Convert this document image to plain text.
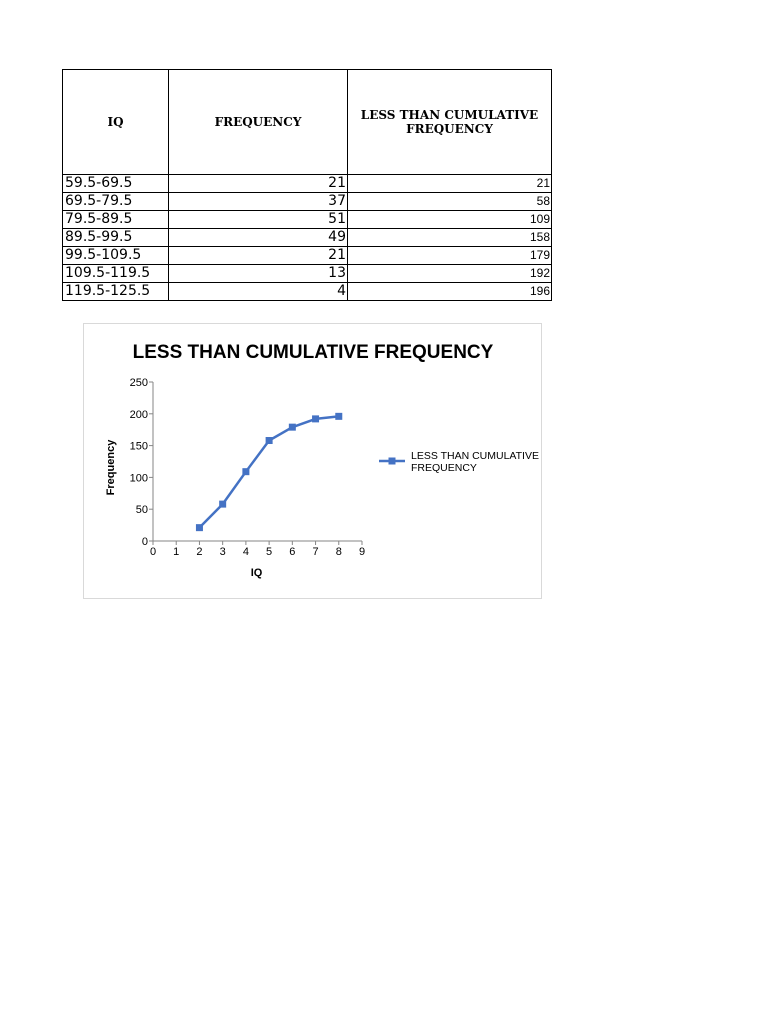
IQ	FREQUENCY	LESS THAN CUMULATIVE FREQUENCY
59.5-69.5	21	21
69.5-79.5	37	58
79.5-89.5	51	109
89.5-99.5	49	158
99.5-109.5	21	179
109.5-119.5	13	192
119.5-125.5	4	196
LESS THAN CUMULATIVE FREQUENCY
0
50
100
150
200
250
0 1 2 3 4 5 6 7 8 9
IQ
Frequency	LESS THAN CUMULATIVE FREQUENCY
